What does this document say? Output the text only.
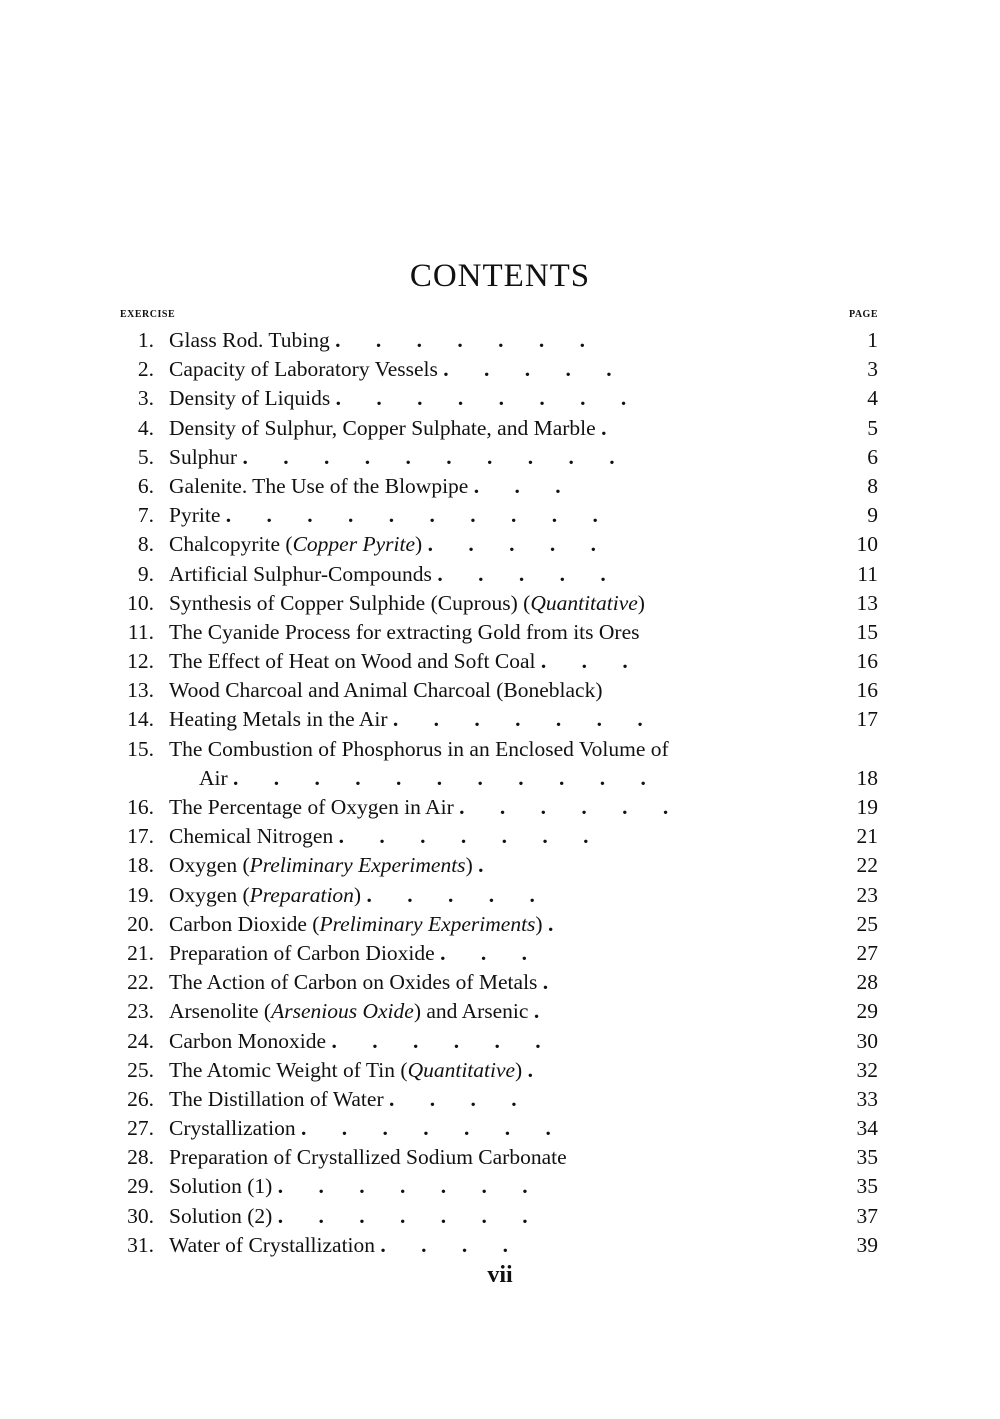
CONTENTS
EXERCISE	PAGE
1. Glass Rod. Tubing . . . . . . .	1
2. Capacity of Laboratory Vessels . . . . .	3
3. Density of Liquids . . . . . . . .	4
4. Density of Sulphur, Copper Sulphate, and Marble .	5
5. Sulphur . . . . . . . . . .	6
6. Galenite. The Use of the Blowpipe . . .	8
7. Pyrite . . . . . . . . . .	9
8. Chalcopyrite (Copper Pyrite) . . . . .	10
9. Artificial Sulphur-Compounds . . . . .	11
10. Synthesis of Copper Sulphide (Cuprous) (Quantitative)	13
11. The Cyanide Process for extracting Gold from its Ores	15
12. The Effect of Heat on Wood and Soft Coal . . .	16
13. Wood Charcoal and Animal Charcoal (Boneblack)	16
14. Heating Metals in the Air . . . . . . .	17
15. The Combustion of Phosphorus in an Enclosed Volume of
Air . . . . . . . . . . .	18
16. The Percentage of Oxygen in Air . . . . . .	19
17. Chemical Nitrogen . . . . . . .	21
18. Oxygen (Preliminary Experiments) .	22
19. Oxygen (Preparation) . . . . .	23
20. Carbon Dioxide (Preliminary Experiments) .	25
21. Preparation of Carbon Dioxide . . .	27
22. The Action of Carbon on Oxides of Metals .	28
23. Arsenolite (Arsenious Oxide) and Arsenic .	29
24. Carbon Monoxide . . . . . .	30
25. The Atomic Weight of Tin (Quantitative) .	32
26. The Distillation of Water . . . .	33
27. Crystallization . . . . . . .	34
28. Preparation of Crystallized Sodium Carbonate	35
29. Solution (1) . . . . . . .	35
30. Solution (2) . . . . . . .	37
31. Water of Crystallization . . . .	39
vii
